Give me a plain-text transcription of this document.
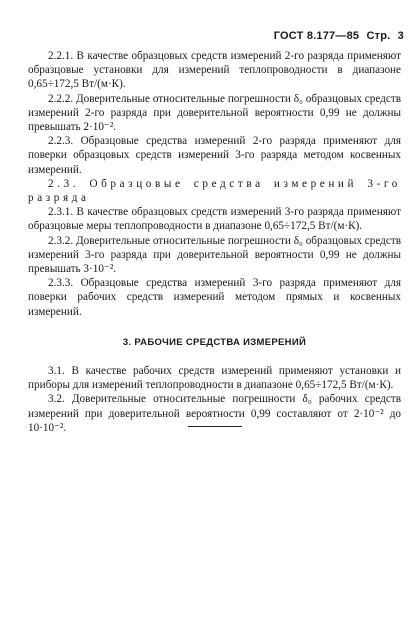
ГОСТ 8.177—85 Стр. 3

2.2.1. В качестве образцовых средств измерений 2-го разряда применяют образцовые установки для измерений теплопроводности в диапазоне 0,65÷172,5 Вт/(м·К).

2.2.2. Доверительные относительные погрешности δ₀ образцовых средств измерений 2-го разряда при доверительной вероятности 0,99 не должны превышать 2·10⁻².

2.2.3. Образцовые средства измерений 2-го разряда применяют для поверки образцовых средств измерений 3-го разряда методом косвенных измерений.

2.3. Образцовые средства измерений 3-го разряда

2.3.1. В качестве образцовых средств измерений 3-го разряда применяют образцовые меры теплопроводности в диапазоне 0,65÷172,5 Вт/(м·К).

2.3.2. Доверительные относительные погрешности δ₀ образцовых средств измерений 3-го разряда при доверительной вероятности 0,99 не должны превышать 3·10⁻².

2.3.3. Образцовые средства измерений 3-го разряда применяют для поверки рабочих средств измерений методом прямых и косвенных измерений.

3. РАБОЧИЕ СРЕДСТВА ИЗМЕРЕНИЙ

3.1. В качестве рабочих средств измерений применяют установки и приборы для измерений теплопроводности в диапазоне 0,65÷172,5 Вт/(м·К).

3.2. Доверительные относительные погрешности δ₀ рабочих средств измерений при доверительной вероятности 0,99 составляют от 2·10⁻² до 10·10⁻².
